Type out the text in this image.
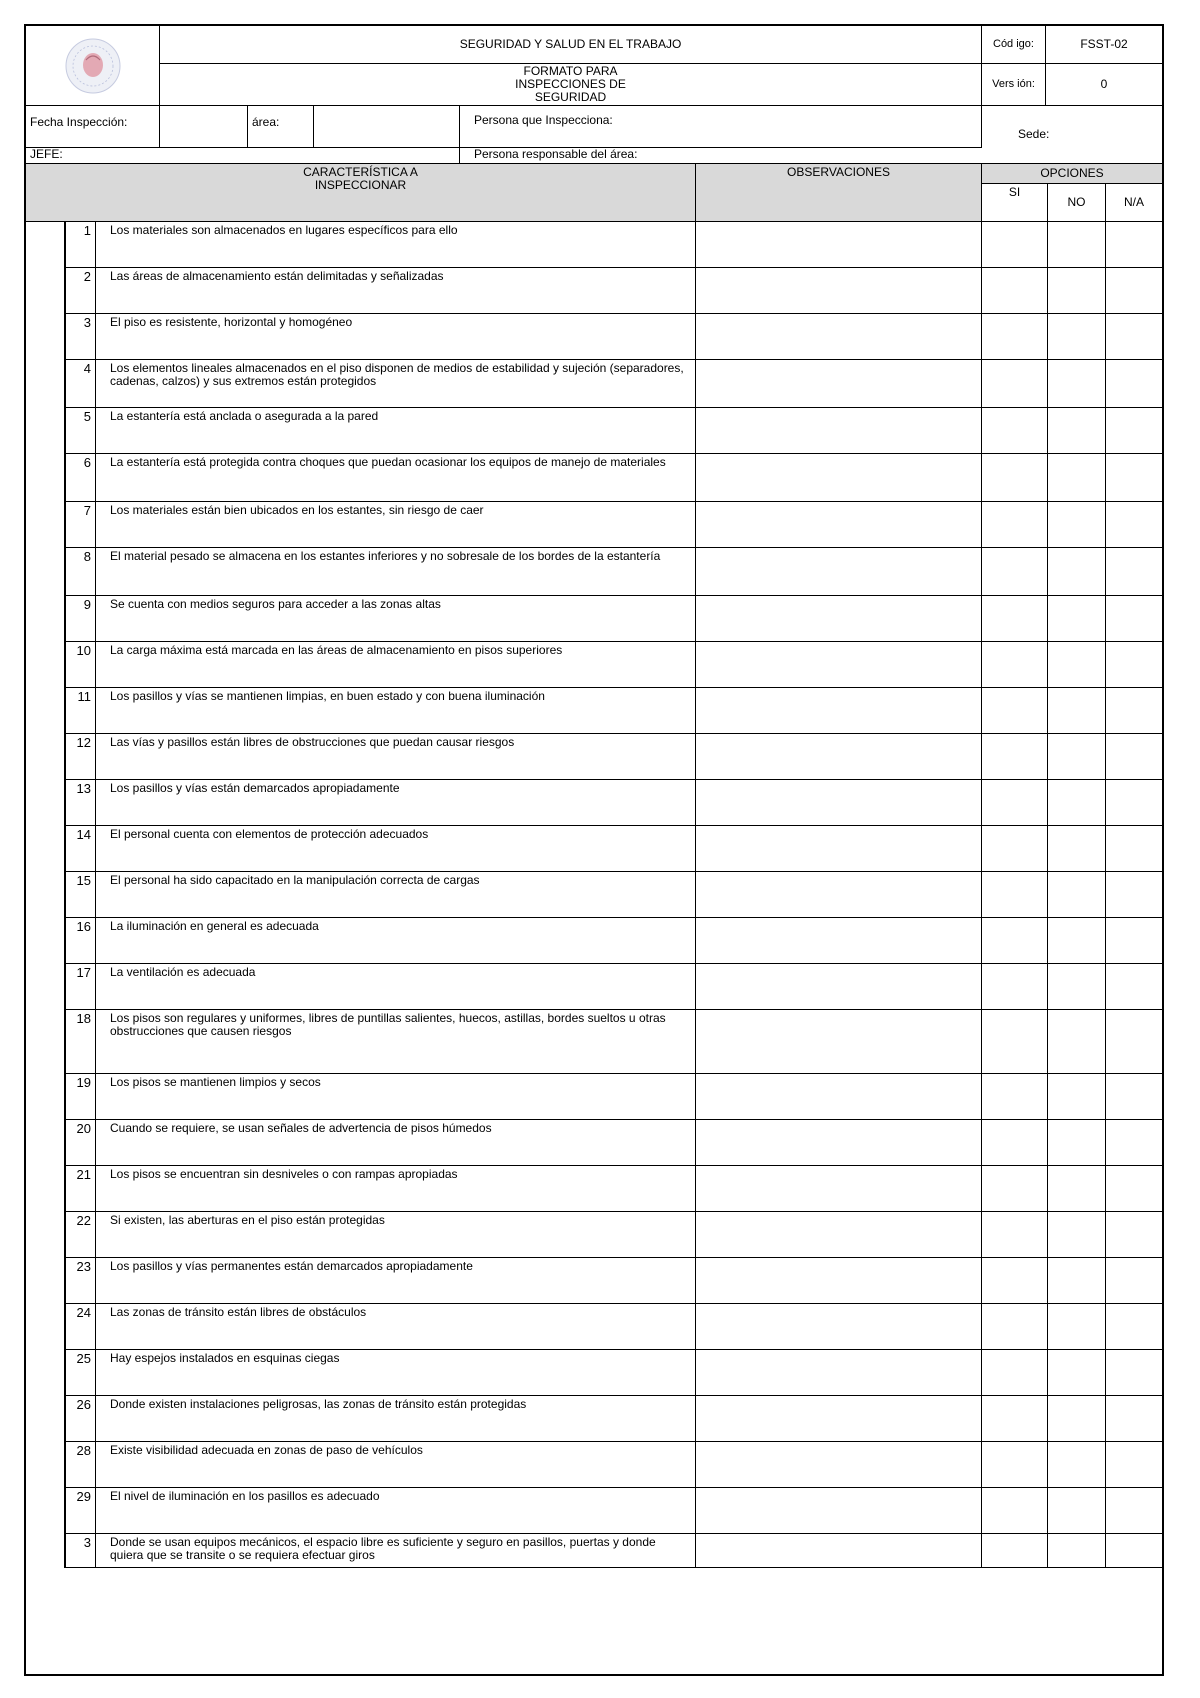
SEGURIDAD Y SALUD EN EL TRABAJO	Cód igo:	FSST-02
FORMATO PARA INSPECCIONES DE SEGURIDAD
Vers ión:	0
Fecha Inspección:	área:	Persona que Inspecciona:
Sede:
JEFE:	Persona responsable del área:
CARACTERÍSTICA A INSPECCIONAR
OBSERVACIONES	OPCIONES
SI
NO	N/A
1	Los materiales son almacenados en lugares específicos para ello
2	Las áreas de almacenamiento están delimitadas y señalizadas
3	El piso es resistente, horizontal y homogéneo
4	Los elementos lineales almacenados en el piso disponen de medios de estabilidad y sujeción (separadores, cadenas, calzos) y sus extremos están protegidos
5	La estantería está anclada o asegurada a la pared
6	La estantería está protegida contra choques que puedan ocasionar los equipos de manejo de materiales
7	Los materiales están bien ubicados en los estantes, sin riesgo de caer
8	El material pesado se almacena en los estantes inferiores y no sobresale de los bordes de la estantería
9	Se cuenta con medios seguros para acceder a las zonas altas
10	La carga máxima está marcada en las áreas de almacenamiento en pisos superiores
11	Los pasillos y vías se mantienen limpias, en buen estado y con buena iluminación
12	Las vías y pasillos están libres de obstrucciones que puedan causar riesgos
13	Los pasillos y vías están demarcados apropiadamente
14	El personal cuenta con elementos de protección adecuados
15	El personal ha sido capacitado en la manipulación correcta de cargas
16	La iluminación en general es adecuada
17	La ventilación es adecuada
18	Los pisos son regulares y uniformes, libres de puntillas salientes, huecos, astillas, bordes sueltos u otras obstrucciones que causen riesgos
19	Los pisos se mantienen limpios y secos
20	Cuando se requiere, se usan señales de advertencia de pisos húmedos
21	Los pisos se encuentran sin desniveles o con rampas apropiadas
22	Si existen, las aberturas en el piso están protegidas
23	Los pasillos y vías permanentes están demarcados apropiadamente
24	Las zonas de tránsito están libres de obstáculos
25	Hay espejos instalados en esquinas ciegas
26	Donde existen instalaciones peligrosas, las zonas de tránsito están protegidas
28	Existe visibilidad adecuada en zonas de paso de vehículos
29	El nivel de iluminación en los pasillos es adecuado
3	Donde se usan equipos mecánicos, el espacio libre es suficiente y seguro en pasillos, puertas y donde quiera que se transite o se requiera efectuar giros
